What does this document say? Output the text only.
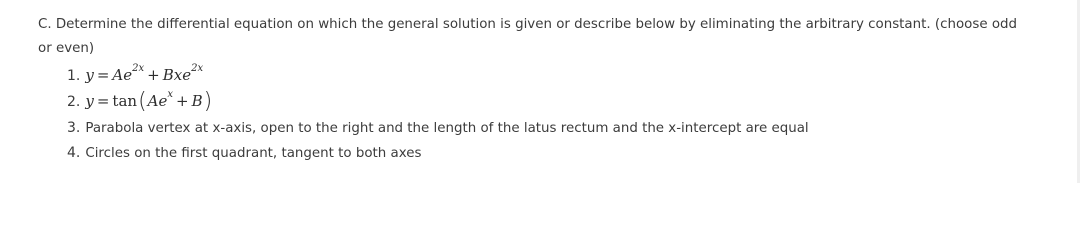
C. Determine the differential equation on which the general solution is given or describe below by eliminating the arbitrary constant. (choose odd or even)
1. $y = Ae^{2x} + Bxe^{2x}$
2. $y = \tan(Ae^x + B)$
3. Parabola vertex at x-axis, open to the right and the length of the latus rectum and the x-intercept are equal
4. Circles on the first quadrant, tangent to both axes
